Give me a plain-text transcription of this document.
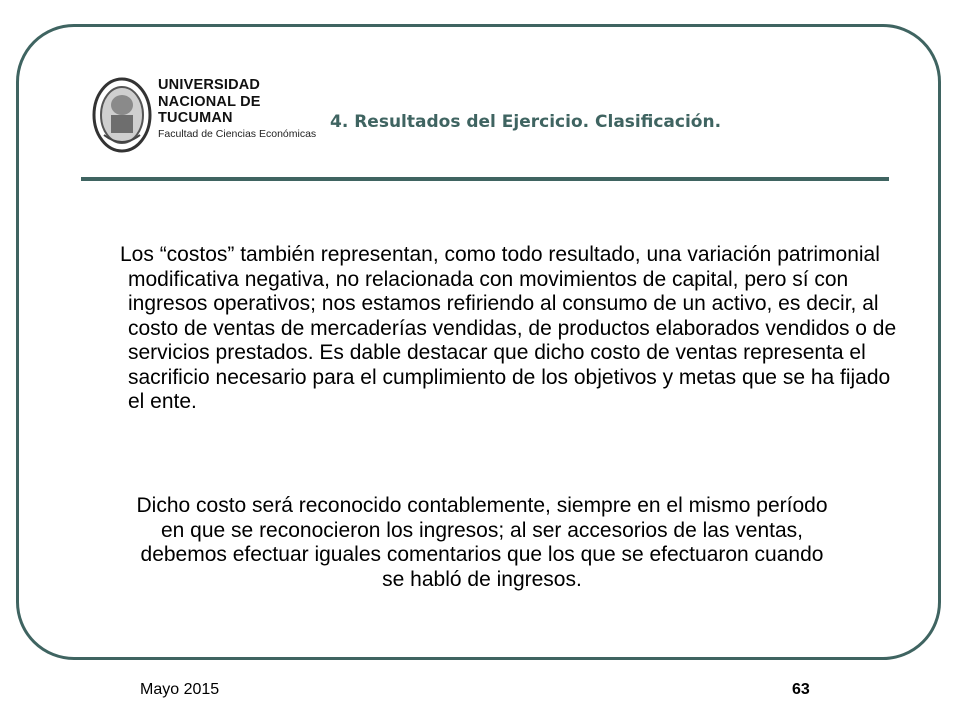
UNIVERSIDAD
NACIONAL DE
TUCUMAN
Facultad de Ciencias Económicas
4. Resultados del Ejercicio. Clasificación.

Los “costos” también representan, como todo resultado, una variación patrimonial modificativa negativa, no relacionada con movimientos de capital, pero sí con ingresos operativos; nos estamos refiriendo al consumo de un activo, es decir, al costo de ventas de mercaderías vendidas, de productos elaborados vendidos o de servicios prestados. Es dable destacar que dicho costo de ventas representa el sacrificio necesario para el cumplimiento de los objetivos y metas que se ha fijado el ente.

Dicho costo será reconocido contablemente, siempre en el mismo período en que se reconocieron los ingresos; al ser accesorios de las ventas, debemos efectuar iguales comentarios que los que se efectuaron cuando se habló de ingresos.

Mayo 2015	63
